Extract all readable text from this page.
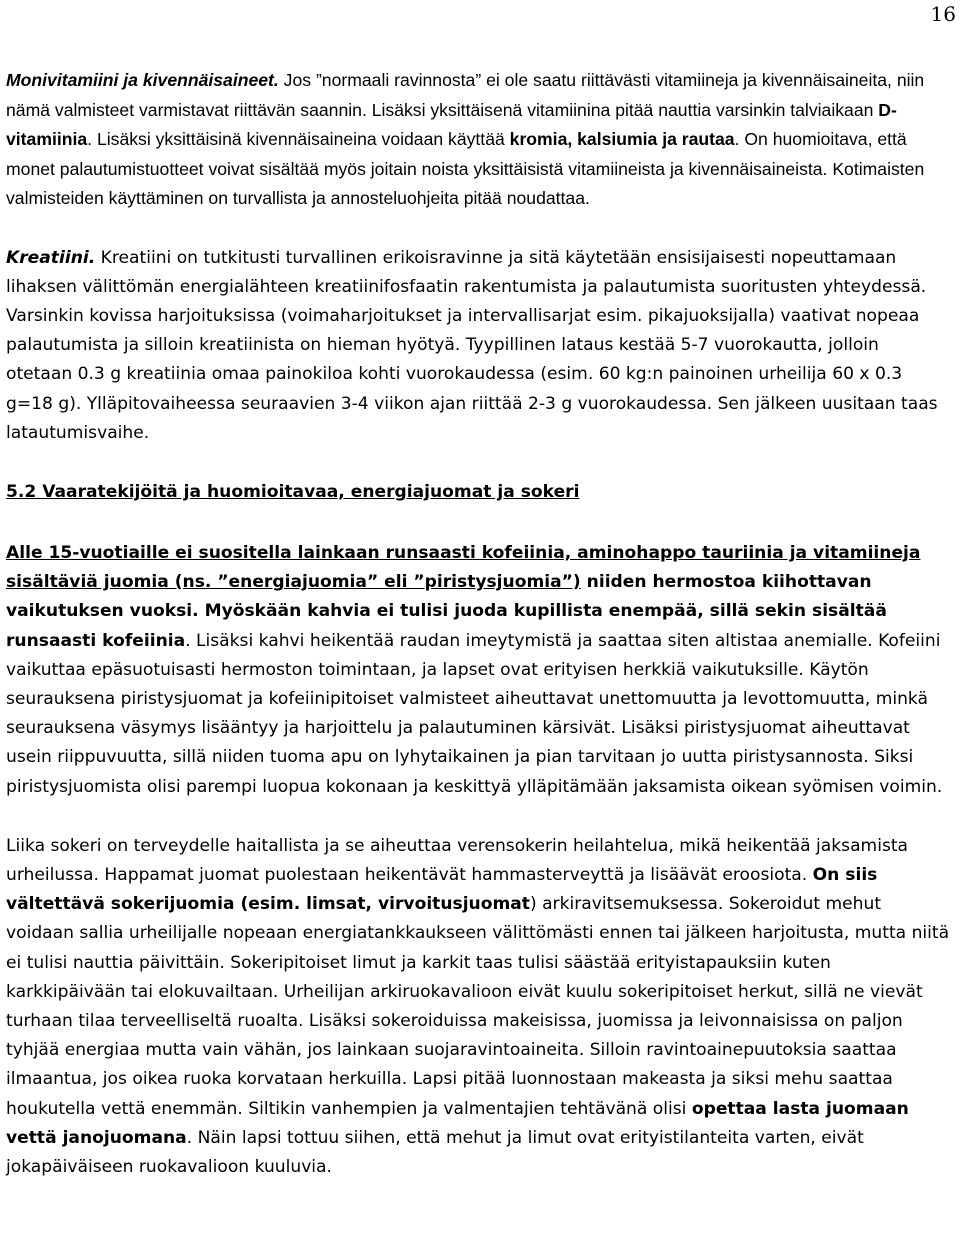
16

Monivitamiini ja kivennäisaineet. Jos ”normaali ravinnosta” ei ole saatu riittävästi vitamiineja ja kivennäisaineita, niin nämä valmisteet varmistavat riittävän saannin. Lisäksi yksittäisenä vitamiinina pitää nauttia varsinkin talviaikaan D-vitamiinia. Lisäksi yksittäisinä kivennäisaineina voidaan käyttää kromia, kalsiumia ja rautaa. On huomioitava, että monet palautumistuotteet voivat sisältää myös joitain noista yksittäisistä vitamiineista ja kivennäisaineista. Kotimaisten valmisteiden käyttäminen on turvallista ja annosteluohjeita pitää noudattaa.

Kreatiini. Kreatiini on tutkitusti turvallinen erikoisravinne ja sitä käytetään ensisijaisesti nopeuttamaan lihaksen välittömän energialähteen kreatiinifosfaatin rakentumista ja palautumista suoritusten yhteydessä. Varsinkin kovissa harjoituksissa (voimaharjoitukset ja intervallisarjat esim. pikajuoksijalla) vaativat nopeaa palautumista ja silloin kreatiinista on hieman hyötyä. Tyypillinen lataus kestää 5-7 vuorokautta, jolloin otetaan 0.3 g kreatiinia omaa painokiloa kohti vuorokaudessa (esim. 60 kg:n painoinen urheilija 60 x 0.3 g=18 g). Ylläpitovaiheessa seuraavien 3-4 viikon ajan riittää 2-3 g vuorokaudessa. Sen jälkeen uusitaan taas latautumisvaihe.

5.2 Vaaratekijöitä ja huomioitavaa, energiajuomat ja sokeri

Alle 15-vuotiaille ei suositella lainkaan runsaasti kofeiinia, aminohappo tauriinia ja vitamiineja sisältäviä juomia (ns. ”energiajuomia” eli ”piristysjuomia”) niiden hermostoa kiihottavan vaikutuksen vuoksi. Myöskään kahvia ei tulisi juoda kupillista enempää, sillä sekin sisältää runsaasti kofeiinia. Lisäksi kahvi heikentää raudan imeytymistä ja saattaa siten altistaa anemialle. Kofeiini vaikuttaa epäsuotuisasti hermoston toimintaan, ja lapset ovat erityisen herkkiä vaikutuksille. Käytön seurauksena piristysjuomat ja kofeiinipitoiset valmisteet aiheuttavat unettomuutta ja levottomuutta, minkä seurauksena väsymys lisääntyy ja harjoittelu ja palautuminen kärsivät. Lisäksi piristysjuomat aiheuttavat usein riippuvuutta, sillä niiden tuoma apu on lyhytaikainen ja pian tarvitaan jo uutta piristysannosta. Siksi piristysjuomista olisi parempi luopua kokonaan ja keskittyä ylläpitämään jaksamista oikean syömisen voimin.

Liika sokeri on terveydelle haitallista ja se aiheuttaa verensokerin heilahtelua, mikä heikentää jaksamista urheilussa. Happamat juomat puolestaan heikentävät hammasterveyttä ja lisäävät eroosiota. On siis vältettävä sokerijuomia (esim. limsat, virvoitusjuomat) arkiravitsemuksessa. Sokeroidut mehut voidaan sallia urheilijalle nopeaan energiatankkaukseen välittömästi ennen tai jälkeen harjoitusta, mutta niitä ei tulisi nauttia päivittäin. Sokeripitoiset limut ja karkit taas tulisi säästää erityistapauksiin kuten karkkipäivään tai elokuvailtaan. Urheilijan arkiruokavalioon eivät kuulu sokeripitoiset herkut, sillä ne vievät turhaan tilaa terveelliseltä ruoalta. Lisäksi sokeroiduissa makeisissa, juomissa ja leivonnaisissa on paljon tyhjää energiaa mutta vain vähän, jos lainkaan suojaravintoaineita. Silloin ravintoainepuutoksia saattaa ilmaantua, jos oikea ruoka korvataan herkuilla. Lapsi pitää luonnostaan makeasta ja siksi mehu saattaa houkutella vettä enemmän. Siltikin vanhempien ja valmentajien tehtävänä olisi opettaa lasta juomaan vettä janojuomana. Näin lapsi tottuu siihen, että mehut ja limut ovat erityistilanteita varten, eivät jokapäiväiseen ruokavalioon kuuluvia.
